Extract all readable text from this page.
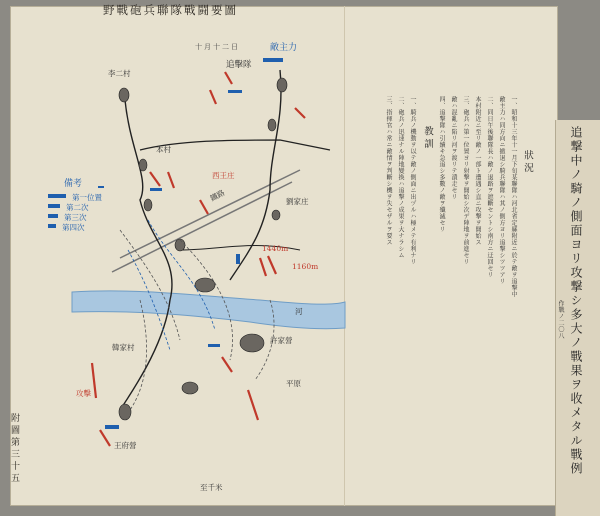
野戰砲兵聯隊戰闘要圖
十月十二日
李二村
追擊隊
敵主力
本村
備考
第一位置
第二次
第三次
第四次
西王庄
劉家庄
1440m
1160m
河
許家營
韓家村
王府營
至千米
平原
攻擊
鐵路
附圖第三十五	追撃中ノ騎ノ側面ヨリ攻撃シ多大ノ戰果ヲ收メタル戰例
作戰ノ二〇八
狀況
教訓	一、昭和十三年十一月下旬某聯隊ハ河北省定縣附近ニ於テ敵ヲ追撃中
敵主力ハ同方向ニ撤退シ騎兵聯隊ハ其ノ側方ヨリ追撃シツツアリ
二、同日午後聯隊長ハ敵ノ退路ヲ遮斷セントシ南方ニ迂回セリ
本村附近ニ至リ敵ノ一部ト遭遇シ直ニ攻撃ヲ開始ス
三、砲兵ハ第一位置ヨリ射撃ヲ開始シ次デ陣地ヲ前進セリ
敵ハ混亂ニ陷リ河ヲ渡リテ潰走セリ
四、追撃隊ハ引續キ急追シ多數ノ敵ヲ殲滅セリ
一、騎兵ノ機動ヲ以テ敵ノ側面ニ出ヅルハ極メテ有利ナリ
二、砲兵ノ迅速ナル陣地變換ハ追撃ノ成果ヲ大ナラシム
三、指揮官ハ常ニ敵情ヲ判斷シ機ヲ失セザルヲ要ス
